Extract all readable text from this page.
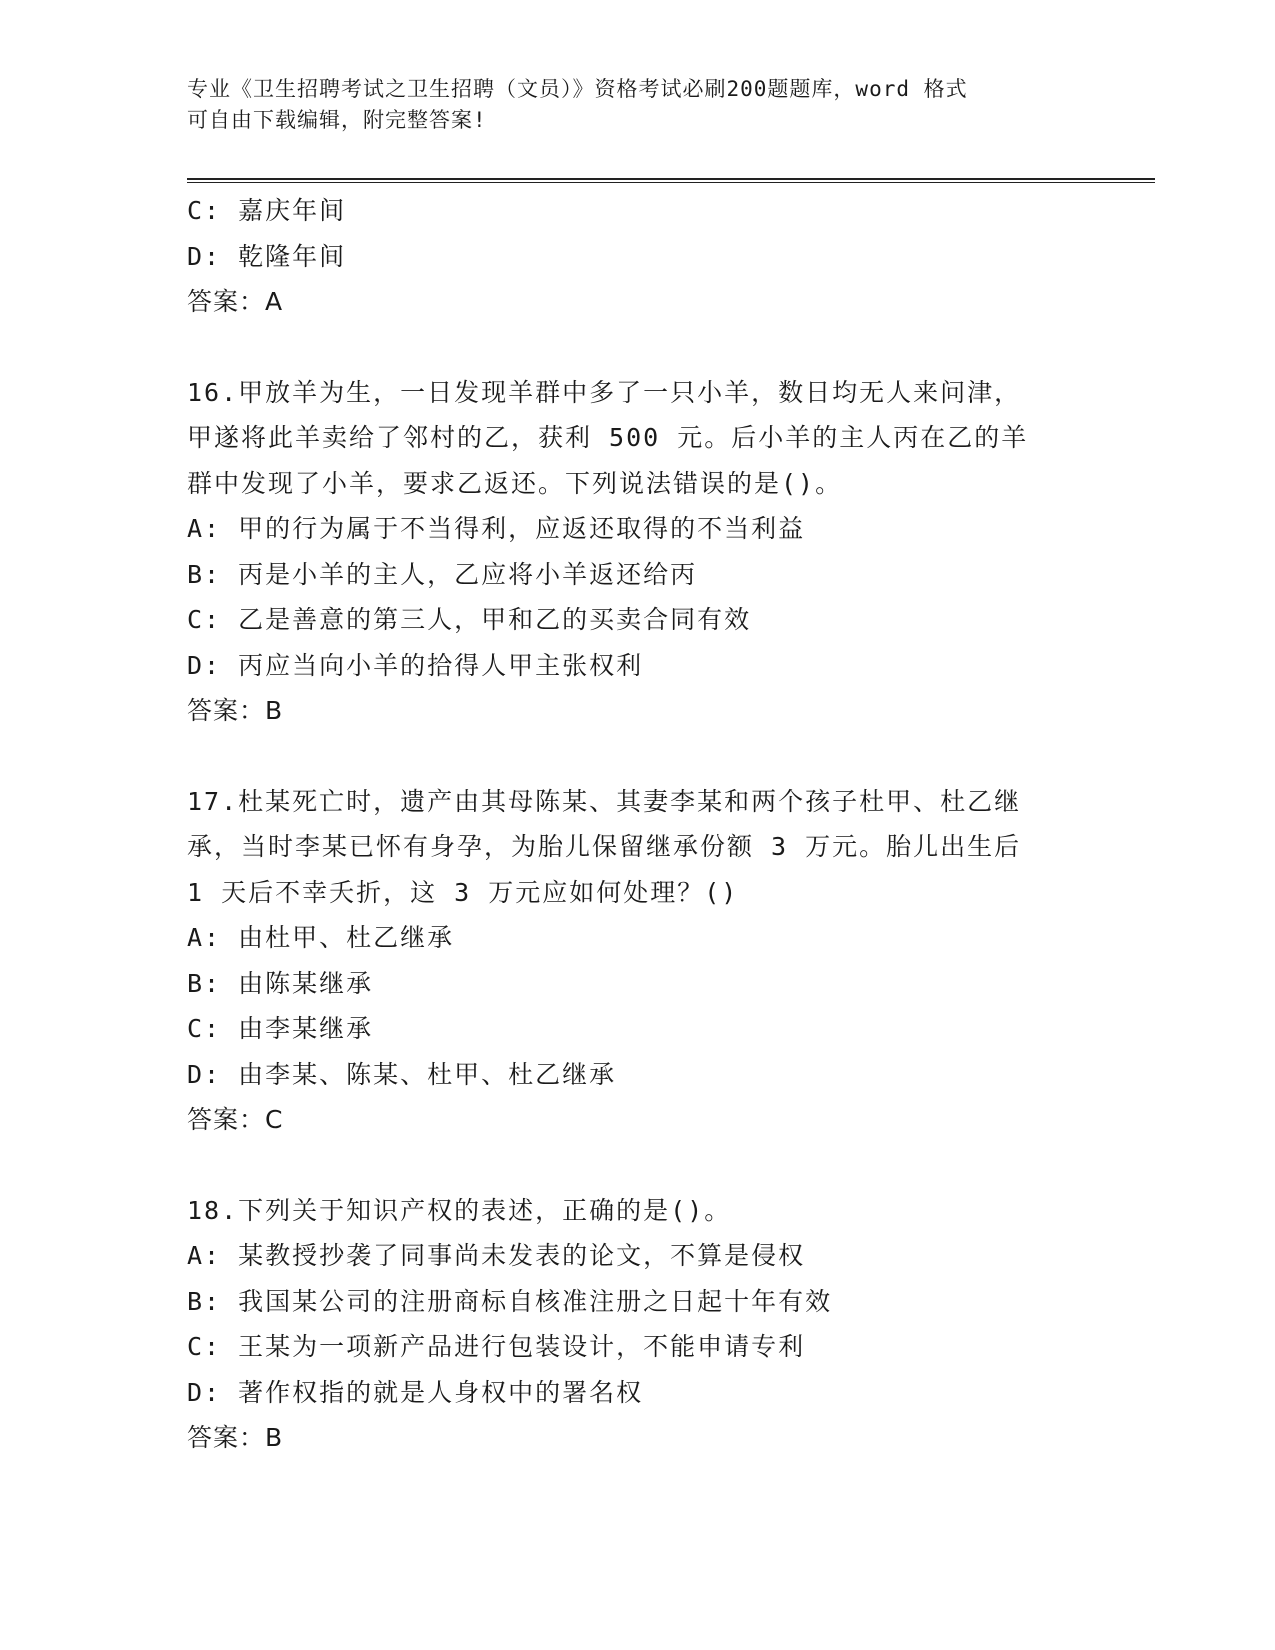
专业《卫生招聘考试之卫生招聘（文员）》资格考试必刷200题题库，word 格式
可自由下载编辑，附完整答案!
C: 嘉庆年间
D: 乾隆年间
答案：A
16.甲放羊为生，一日发现羊群中多了一只小羊，数日均无人来问津，
甲遂将此羊卖给了邻村的乙，获利 500 元。后小羊的主人丙在乙的羊
群中发现了小羊，要求乙返还。下列说法错误的是()。
A: 甲的行为属于不当得利，应返还取得的不当利益
B: 丙是小羊的主人，乙应将小羊返还给丙
C: 乙是善意的第三人，甲和乙的买卖合同有效
D: 丙应当向小羊的拾得人甲主张权利
答案：B
17.杜某死亡时，遗产由其母陈某、其妻李某和两个孩子杜甲、杜乙继
承，当时李某已怀有身孕，为胎儿保留继承份额 3 万元。胎儿出生后
1 天后不幸夭折，这 3 万元应如何处理？()
A: 由杜甲、杜乙继承
B: 由陈某继承
C: 由李某继承
D: 由李某、陈某、杜甲、杜乙继承
答案：C
18.下列关于知识产权的表述，正确的是()。
A: 某教授抄袭了同事尚未发表的论文，不算是侵权
B: 我国某公司的注册商标自核准注册之日起十年有效
C: 王某为一项新产品进行包装设计，不能申请专利
D: 著作权指的就是人身权中的署名权
答案：B
